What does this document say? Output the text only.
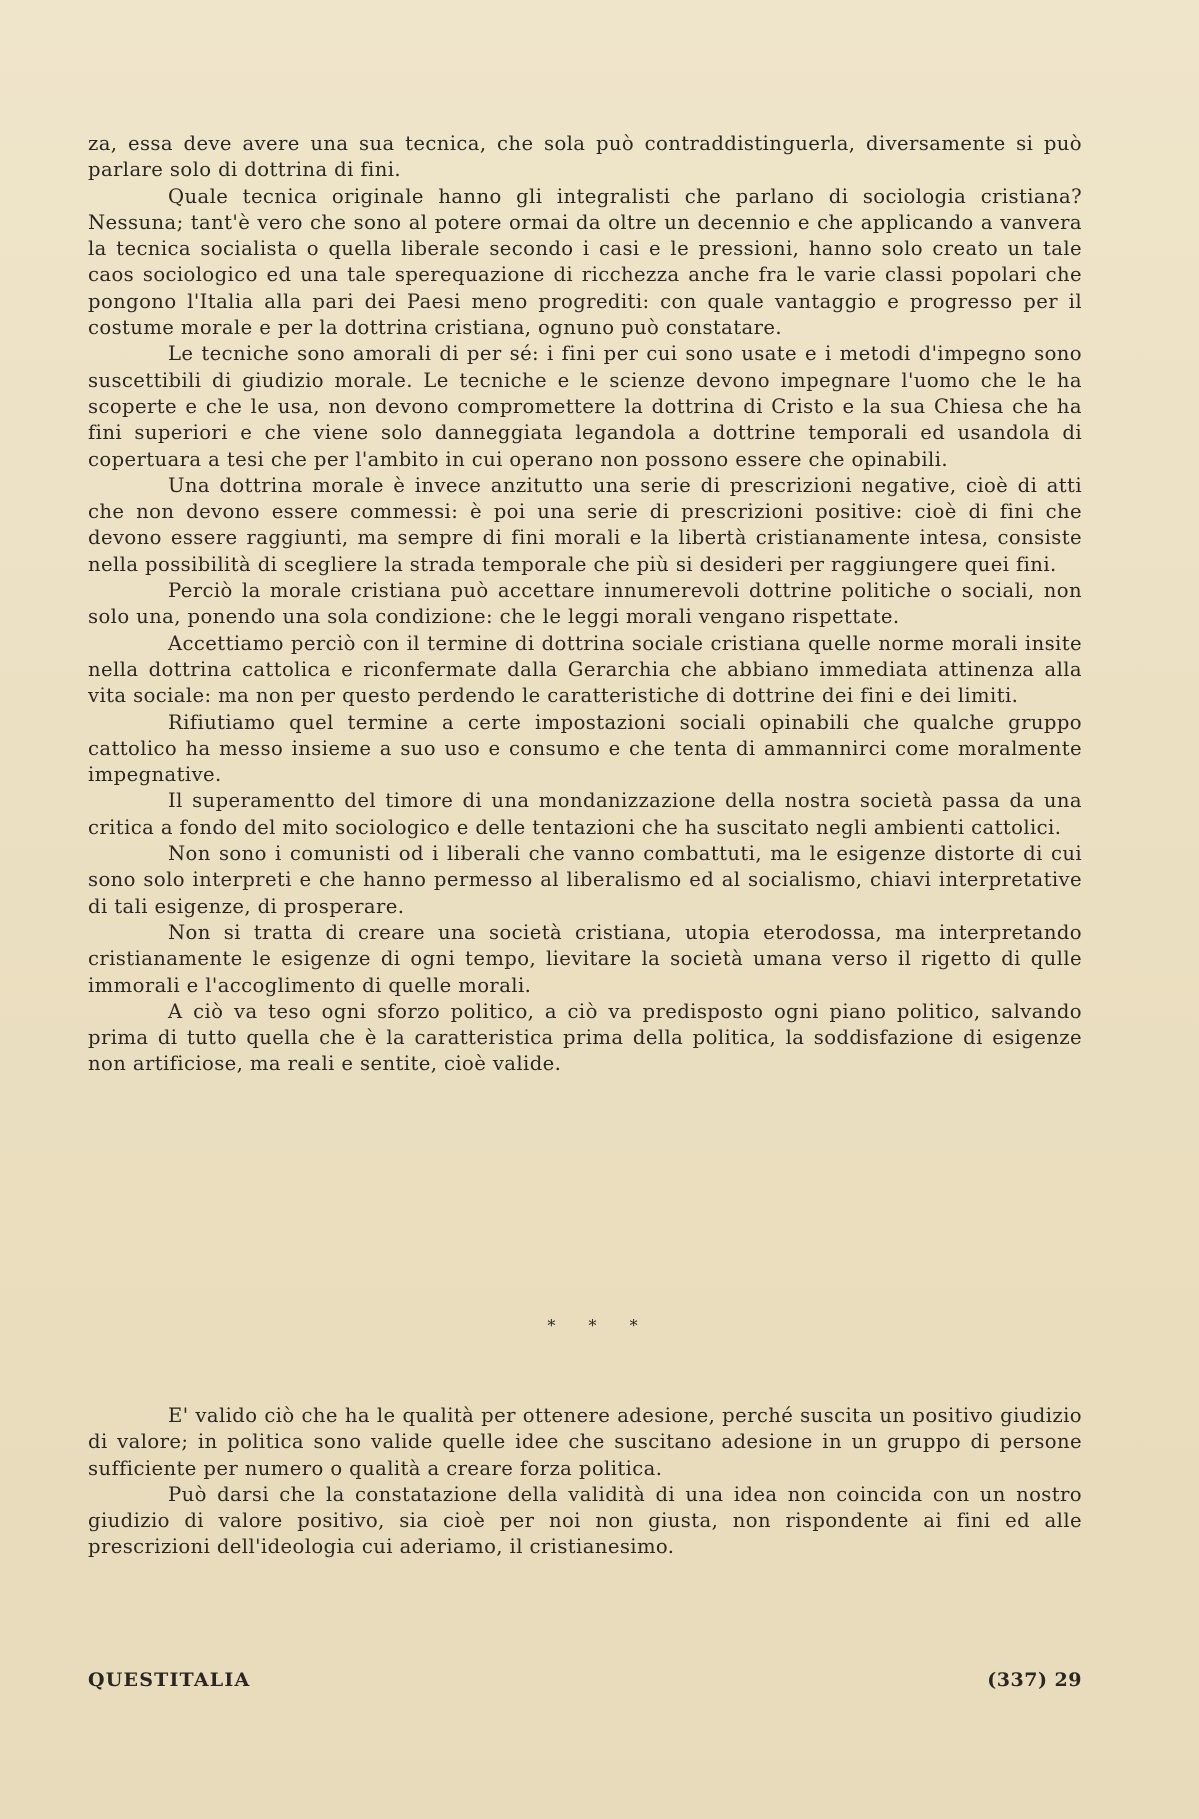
za, essa deve avere una sua tecnica, che sola può contraddistinguerla, diversamente si può parlare solo di dottrina di fini.

Quale tecnica originale hanno gli integralisti che parlano di sociologia cristiana? Nessuna; tant'è vero che sono al potere ormai da oltre un decennio e che applicando a vanvera la tecnica socialista o quella liberale secondo i casi e le pressioni, hanno solo creato un tale caos sociologico ed una tale sperequazione di ricchezza anche fra le varie classi popolari che pongono l'Italia alla pari dei Paesi meno progrediti: con quale vantaggio e progresso per il costume morale e per la dottrina cristiana, ognuno può constatare.

Le tecniche sono amorali di per sé: i fini per cui sono usate e i metodi d'impegno sono suscettibili di giudizio morale. Le tecniche e le scienze devono impegnare l'uomo che le ha scoperte e che le usa, non devono compromettere la dottrina di Cristo e la sua Chiesa che ha fini superiori e che viene solo danneggiata legandola a dottrine temporali ed usandola di copertuara a tesi che per l'ambito in cui operano non possono essere che opinabili.

Una dottrina morale è invece anzitutto una serie di prescrizioni negative, cioè di atti che non devono essere commessi: è poi una serie di prescrizioni positive: cioè di fini che devono essere raggiunti, ma sempre di fini morali e la libertà cristianamente intesa, consiste nella possibilità di scegliere la strada temporale che più si desideri per raggiungere quei fini.

Perciò la morale cristiana può accettare innumerevoli dottrine politiche o sociali, non solo una, ponendo una sola condizione: che le leggi morali vengano rispettate.

Accettiamo perciò con il termine di dottrina sociale cristiana quelle norme morali insite nella dottrina cattolica e riconfermate dalla Gerarchia che abbiano immediata attinenza alla vita sociale: ma non per questo perdendo le caratteristiche di dottrine dei fini e dei limiti.

Rifiutiamo quel termine a certe impostazioni sociali opinabili che qualche gruppo cattolico ha messo insieme a suo uso e consumo e che tenta di ammannirci come moralmente impegnative.

Il superamentto del timore di una mondanizzazione della nostra società passa da una critica a fondo del mito sociologico e delle tentazioni che ha suscitato negli ambienti cattolici.

Non sono i comunisti od i liberali che vanno combattuti, ma le esigenze distorte di cui sono solo interpreti e che hanno permesso al liberalismo ed al socialismo, chiavi interpretative di tali esigenze, di prosperare.

Non si tratta di creare una società cristiana, utopia eterodossa, ma interpretando cristianamente le esigenze di ogni tempo, lievitare la società umana verso il rigetto di qulle immorali e l'accoglimento di quelle morali.

A ciò va teso ogni sforzo politico, a ciò va predisposto ogni piano politico, salvando prima di tutto quella che è la caratteristica prima della politica, la soddisfazione di esigenze non artificiose, ma reali e sentite, cioè valide.

* * *

E' valido ciò che ha le qualità per ottenere adesione, perché suscita un positivo giudizio di valore; in politica sono valide quelle idee che suscitano adesione in un gruppo di persone sufficiente per numero o qualità a creare forza politica.

Può darsi che la constatazione della validità di una idea non coincida con un nostro giudizio di valore positivo, sia cioè per noi non giusta, non rispondente ai fini ed alle prescrizioni dell'ideologia cui aderiamo, il cristianesimo.

QUESTITALIA	(337) 29
